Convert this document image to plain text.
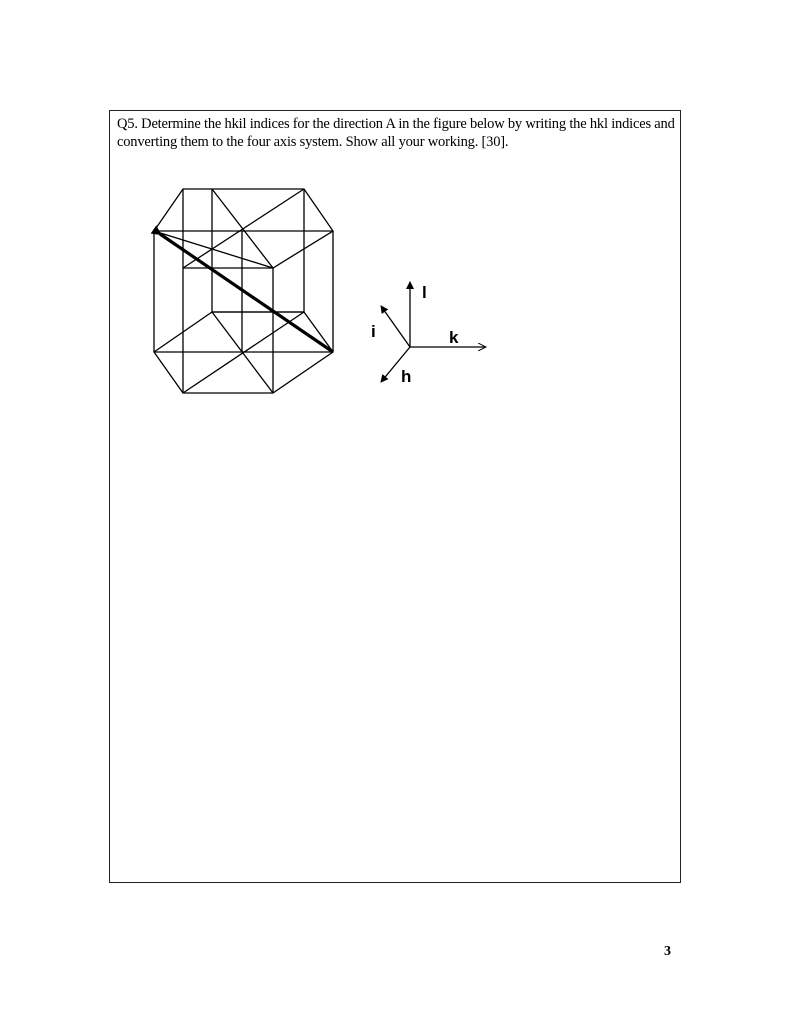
Q5. Determine the hkil indices for the direction A in the figure below by writing the hkl indices and converting them to the four axis system. Show all your working. [30].

l
i	k
h
3
